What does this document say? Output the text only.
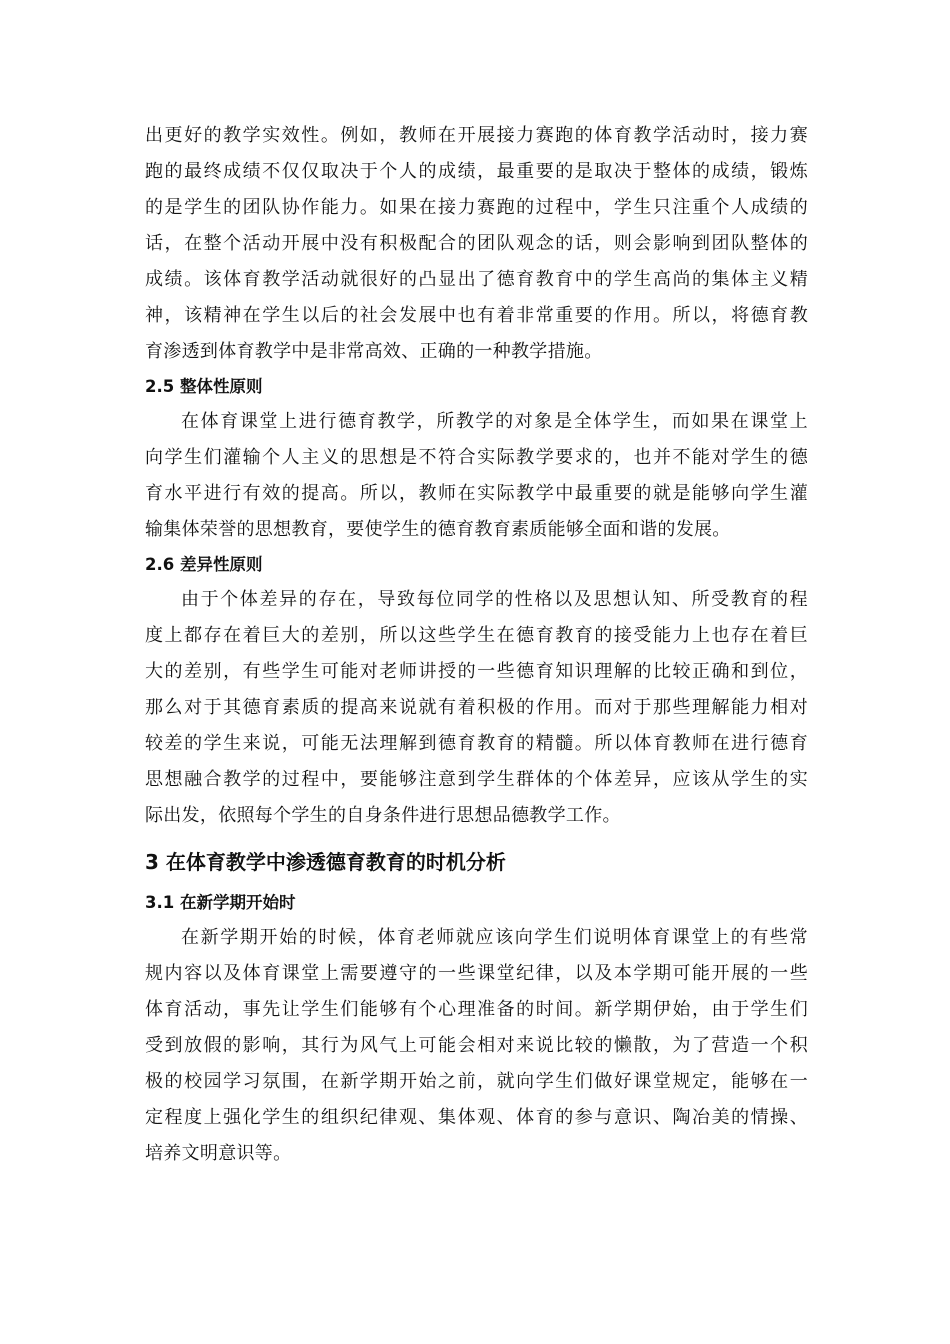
出更好的教学实效性。例如，教师在开展接力赛跑的体育教学活动时，接力赛
跑的最终成绩不仅仅取决于个人的成绩，最重要的是取决于整体的成绩，锻炼
的是学生的团队协作能力。如果在接力赛跑的过程中，学生只注重个人成绩的
话，在整个活动开展中没有积极配合的团队观念的话，则会影响到团队整体的
成绩。该体育教学活动就很好的凸显出了德育教育中的学生高尚的集体主义精
神，该精神在学生以后的社会发展中也有着非常重要的作用。所以，将德育教
育渗透到体育教学中是非常高效、正确的一种教学措施。
2.5 整体性原则
在体育课堂上进行德育教学，所教学的对象是全体学生，而如果在课堂上
向学生们灌输个人主义的思想是不符合实际教学要求的，也并不能对学生的德
育水平进行有效的提高。所以，教师在实际教学中最重要的就是能够向学生灌
输集体荣誉的思想教育，要使学生的德育教育素质能够全面和谐的发展。
2.6 差异性原则
由于个体差异的存在，导致每位同学的性格以及思想认知、所受教育的程
度上都存在着巨大的差别，所以这些学生在德育教育的接受能力上也存在着巨
大的差别，有些学生可能对老师讲授的一些德育知识理解的比较正确和到位，
那么对于其德育素质的提高来说就有着积极的作用。而对于那些理解能力相对
较差的学生来说，可能无法理解到德育教育的精髓。所以体育教师在进行德育
思想融合教学的过程中，要能够注意到学生群体的个体差异，应该从学生的实
际出发，依照每个学生的自身条件进行思想品德教学工作。
3 在体育教学中渗透德育教育的时机分析
3.1 在新学期开始时
在新学期开始的时候，体育老师就应该向学生们说明体育课堂上的有些常
规内容以及体育课堂上需要遵守的一些课堂纪律，以及本学期可能开展的一些
体育活动，事先让学生们能够有个心理准备的时间。新学期伊始，由于学生们
受到放假的影响，其行为风气上可能会相对来说比较的懒散，为了营造一个积
极的校园学习氛围，在新学期开始之前，就向学生们做好课堂规定，能够在一
定程度上强化学生的组织纪律观、集体观、体育的参与意识、陶冶美的情操、
培养文明意识等。
